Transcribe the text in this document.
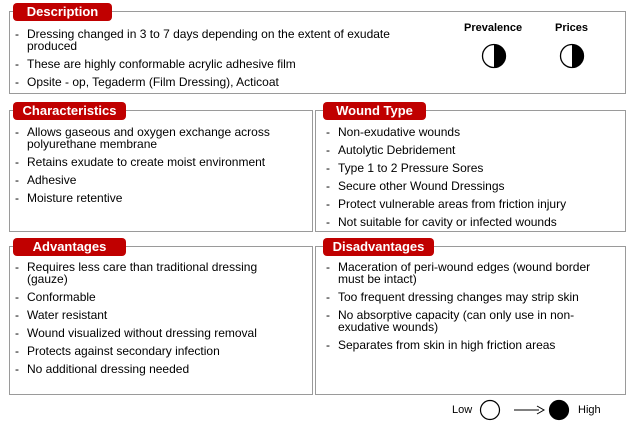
Description
- Dressing changed in 3 to 7 days depending on the extent of exudate produced
- These are highly conformable acrylic adhesive film
- Opsite - op, Tegaderm (Film Dressing), Acticoat
Prevalence	Prices
Characteristics
- Allows gaseous and oxygen exchange across polyurethane membrane
- Retains exudate to create moist environment
- Adhesive
- Moisture retentive
Wound Type
- Non-exudative wounds
- Autolytic Debridement
- Type 1 to 2 Pressure Sores
- Secure other Wound Dressings
- Protect vulnerable areas from friction injury
- Not suitable for cavity or infected wounds
Advantages
- Requires less care than traditional dressing (gauze)
- Conformable
- Water resistant
- Wound visualized without dressing removal
- Protects against secondary infection
- No additional dressing needed
Disadvantages
- Maceration of peri-wound edges (wound border must be intact)
- Too frequent dressing changes may strip skin
- No absorptive capacity (can only use in non-exudative wounds)
- Separates from skin in high friction areas
Low	High
